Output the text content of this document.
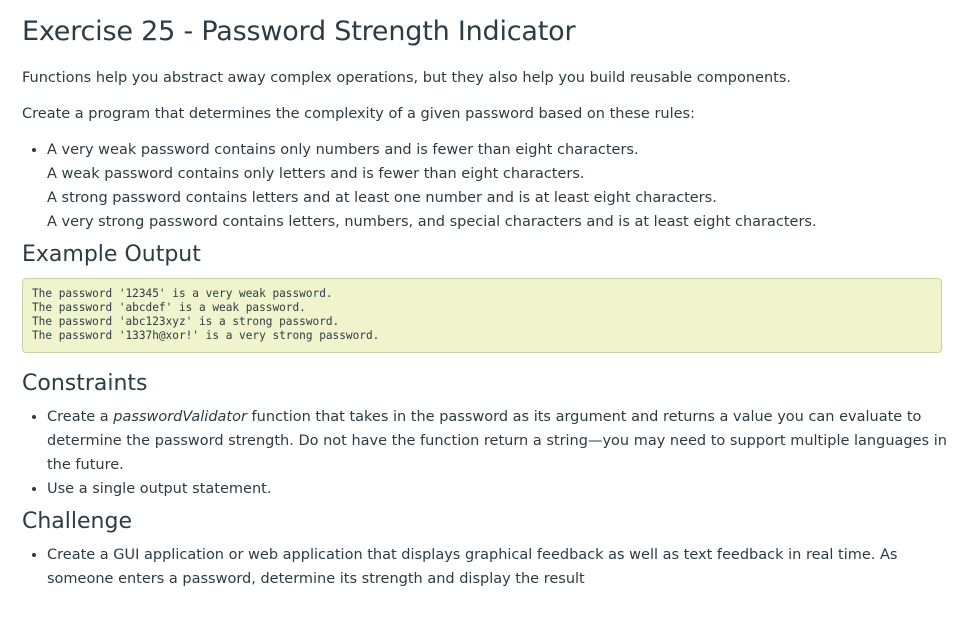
Exercise 25 - Password Strength Indicator

Functions help you abstract away complex operations, but they also help you build reusable components.

Create a program that determines the complexity of a given password based on these rules:

• A very weak password contains only numbers and is fewer than eight characters.
A weak password contains only letters and is fewer than eight characters.
A strong password contains letters and at least one number and is at least eight characters.
A very strong password contains letters, numbers, and special characters and is at least eight characters.
Example Output
The password '12345' is a very weak password.
The password 'abcdef' is a weak password.
The password 'abc123xyz' is a strong password.
The password '1337h@xor!' is a very strong password.
Constraints
• Create a passwordValidator function that takes in the password as its argument and returns a value you can evaluate to determine the password strength. Do not have the function return a string—you may need to support multiple languages in the future.
• Use a single output statement.
Challenge
• Create a GUI application or web application that displays graphical feedback as well as text feedback in real time. As someone enters a password, determine its strength and display the result
